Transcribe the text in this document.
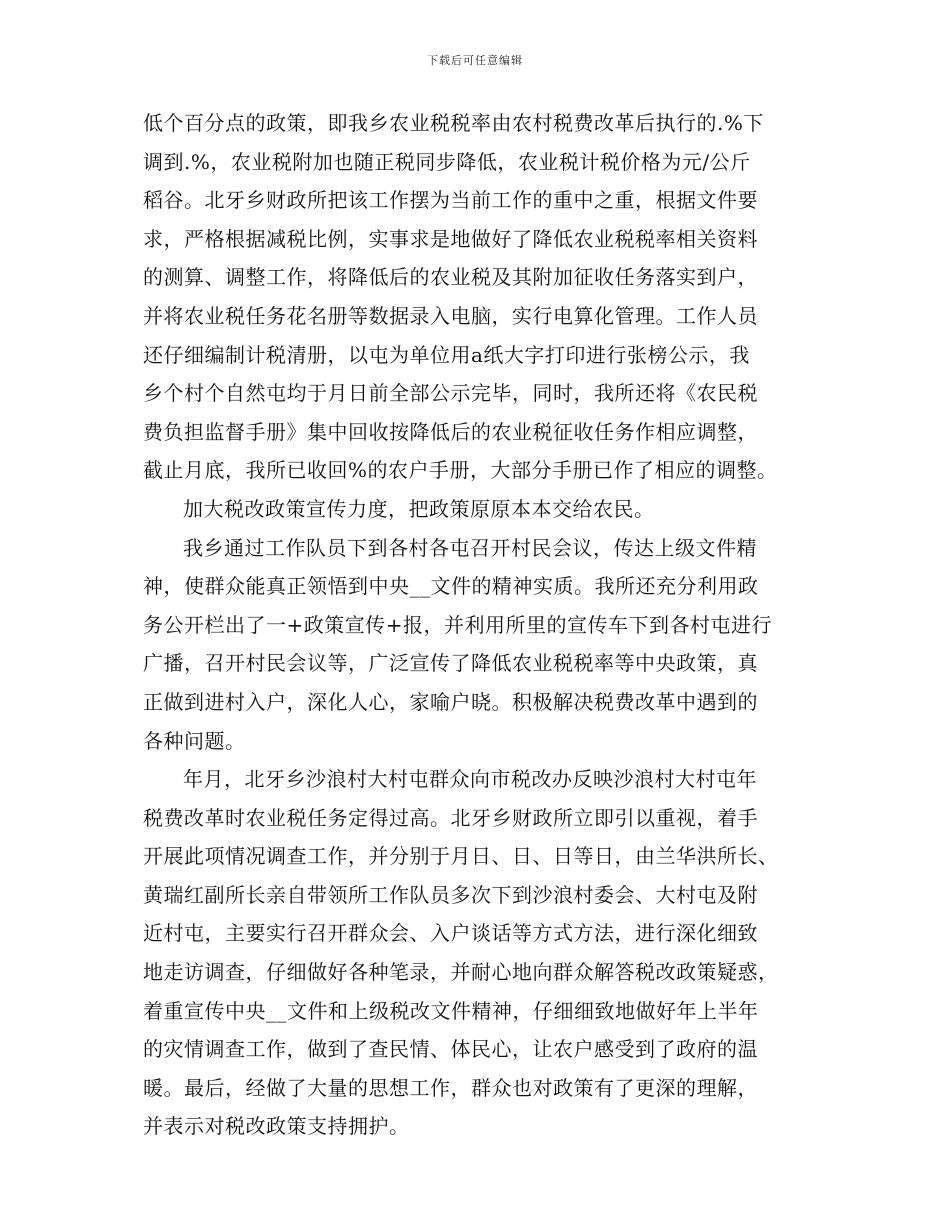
下载后可任意编辑
低个百分点的政策，即我乡农业税税率由农村税费改革后执行的.%下
调到.%，农业税附加也随正税同步降低，农业税计税价格为元/公斤
稻谷。北牙乡财政所把该工作摆为当前工作的重中之重，根据文件要
求，严格根据减税比例，实事求是地做好了降低农业税税率相关资料
的测算、调整工作，将降低后的农业税及其附加征收任务落实到户，
并将农业税任务花名册等数据录入电脑，实行电算化管理。工作人员
还仔细编制计税清册，以屯为单位用a纸大字打印进行张榜公示，我
乡个村个自然屯均于月日前全部公示完毕，同时，我所还将《农民税
费负担监督手册》集中回收按降低后的农业税征收任务作相应调整，
截止月底，我所已收回%的农户手册，大部分手册已作了相应的调整。
加大税改政策宣传力度，把政策原原本本交给农民。
我乡通过工作队员下到各村各屯召开村民会议，传达上级文件精
神，使群众能真正领悟到中央__文件的精神实质。我所还充分利用政
务公开栏出了一+政策宣传+报，并利用所里的宣传车下到各村屯进行
广播，召开村民会议等，广泛宣传了降低农业税税率等中央政策，真
正做到进村入户，深化人心，家喻户晓。积极解决税费改革中遇到的
各种问题。
年月，北牙乡沙浪村大村屯群众向市税改办反映沙浪村大村屯年
税费改革时农业税任务定得过高。北牙乡财政所立即引以重视，着手
开展此项情况调查工作，并分别于月日、日、日等日，由兰华洪所长、
黄瑞红副所长亲自带领所工作队员多次下到沙浪村委会、大村屯及附
近村屯，主要实行召开群众会、入户谈话等方式方法，进行深化细致
地走访调查，仔细做好各种笔录，并耐心地向群众解答税改政策疑惑，
着重宣传中央__文件和上级税改文件精神，仔细细致地做好年上半年
的灾情调查工作，做到了查民情、体民心，让农户感受到了政府的温
暖。最后，经做了大量的思想工作，群众也对政策有了更深的理解，
并表示对税改政策支持拥护。
